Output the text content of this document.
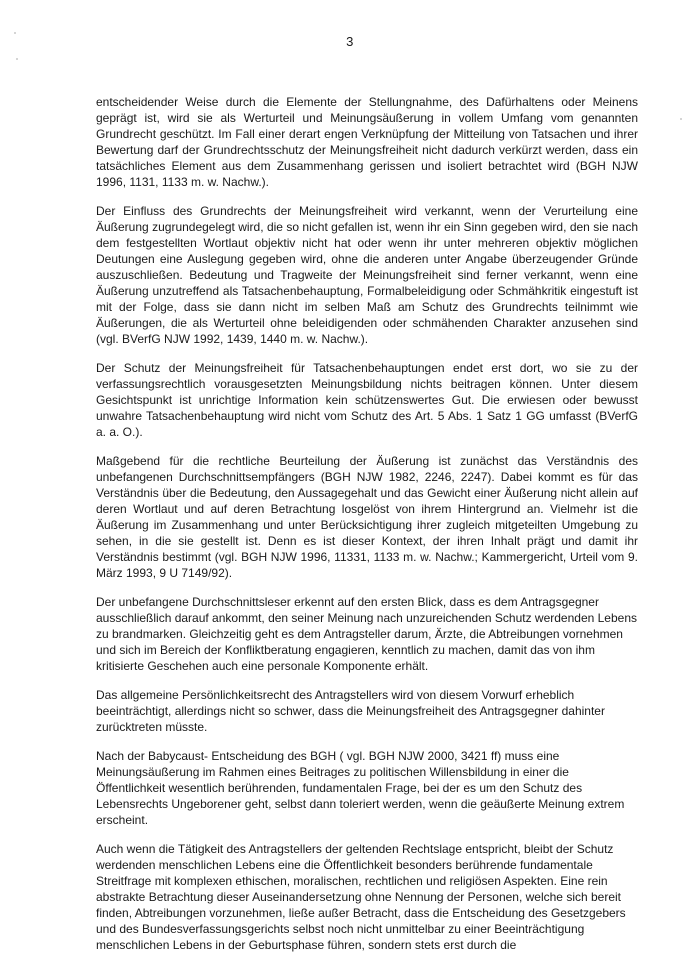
3

entscheidender Weise durch die Elemente der Stellungnahme, des Dafürhaltens oder Meinens geprägt ist, wird sie als Werturteil und Meinungsäußerung in vollem Umfang vom genannten Grundrecht geschützt. Im Fall einer derart engen Verknüpfung der Mitteilung von Tatsachen und ihrer Bewertung darf der Grundrechtsschutz der Meinungsfreiheit nicht dadurch verkürzt werden, dass ein tatsächliches Element aus dem Zusammenhang gerissen und isoliert betrachtet wird (BGH NJW 1996, 1131, 1133 m. w. Nachw.).

Der Einfluss des Grundrechts der Meinungsfreiheit wird verkannt, wenn der Verurteilung eine Äußerung zugrundegelegt wird, die so nicht gefallen ist, wenn ihr ein Sinn gegeben wird, den sie nach dem festgestellten Wortlaut objektiv nicht hat oder wenn ihr unter mehreren objektiv möglichen Deutungen eine Auslegung gegeben wird, ohne die anderen unter Angabe überzeugender Gründe auszuschließen. Bedeutung und Tragweite der Meinungsfreiheit sind ferner verkannt, wenn eine Äußerung unzutreffend als Tatsachenbehauptung, Formalbeleidigung oder Schmähkritik eingestuft ist mit der Folge, dass sie dann nicht im selben Maß am Schutz des Grundrechts teilnimmt wie Äußerungen, die als Werturteil ohne beleidigenden oder schmähenden Charakter anzusehen sind (vgl. BVerfG NJW 1992, 1439, 1440 m. w. Nachw.).

Der Schutz der Meinungsfreiheit für Tatsachenbehauptungen endet erst dort, wo sie zu der verfassungsrechtlich vorausgesetzten Meinungsbildung nichts beitragen können. Unter diesem Gesichtspunkt ist unrichtige Information kein schützenswertes Gut. Die erwiesen oder bewusst unwahre Tatsachenbehauptung wird nicht vom Schutz des Art. 5 Abs. 1 Satz 1 GG umfasst (BVerfG a. a. O.).

Maßgebend für die rechtliche Beurteilung der Äußerung ist zunächst das Verständnis des unbefangenen Durchschnittsempfängers (BGH NJW 1982, 2246, 2247). Dabei kommt es für das Verständnis über die Bedeutung, den Aussagegehalt und das Gewicht einer Äußerung nicht allein auf deren Wortlaut und auf deren Betrachtung losgelöst von ihrem Hintergrund an. Vielmehr ist die Äußerung im Zusammenhang und unter Berücksichtigung ihrer zugleich mitgeteilten Umgebung zu sehen, in die sie gestellt ist. Denn es ist dieser Kontext, der ihren Inhalt prägt und damit ihr Verständnis bestimmt (vgl. BGH NJW 1996, 11331, 1133 m. w. Nachw.; Kammergericht, Urteil vom 9. März 1993, 9 U 7149/92).

Der unbefangene Durchschnittsleser erkennt auf den ersten Blick, dass es dem Antragsgegner ausschließlich darauf ankommt, den seiner Meinung nach unzureichenden Schutz werdenden Lebens zu brandmarken. Gleichzeitig geht es dem Antragsteller darum, Ärzte, die Abtreibungen vornehmen und sich im Bereich der Konfliktberatung engagieren, kenntlich zu machen, damit das von ihm kritisierte Geschehen auch eine personale Komponente erhält.

Das allgemeine Persönlichkeitsrecht des Antragstellers wird von diesem Vorwurf erheblich beeinträchtigt, allerdings nicht so schwer, dass die Meinungsfreiheit des Antragsgegner dahinter zurücktreten müsste.

Nach der Babycaust- Entscheidung des BGH ( vgl. BGH NJW 2000, 3421 ff) muss eine Meinungsäußerung im Rahmen eines Beitrages zu politischen Willensbildung in einer die Öffentlichkeit wesentlich berührenden, fundamentalen Frage, bei der es um den Schutz des Lebensrechts Ungeborener geht, selbst dann toleriert werden, wenn die geäußerte Meinung extrem erscheint.

Auch wenn die Tätigkeit des Antragstellers der geltenden Rechtslage entspricht, bleibt der Schutz werdenden menschlichen Lebens eine die Öffentlichkeit besonders berührende fundamentale Streitfrage mit komplexen ethischen, moralischen, rechtlichen und religiösen Aspekten. Eine rein abstrakte Betrachtung dieser Auseinandersetzung ohne Nennung der Personen, welche sich bereit finden, Abtreibungen vorzunehmen, ließe außer Betracht, dass die Entscheidung des Gesetzgebers und des Bundesverfassungsgerichts selbst noch nicht unmittelbar zu einer Beeinträchtigung menschlichen Lebens in der Geburtsphase führen, sondern stets erst durch die
